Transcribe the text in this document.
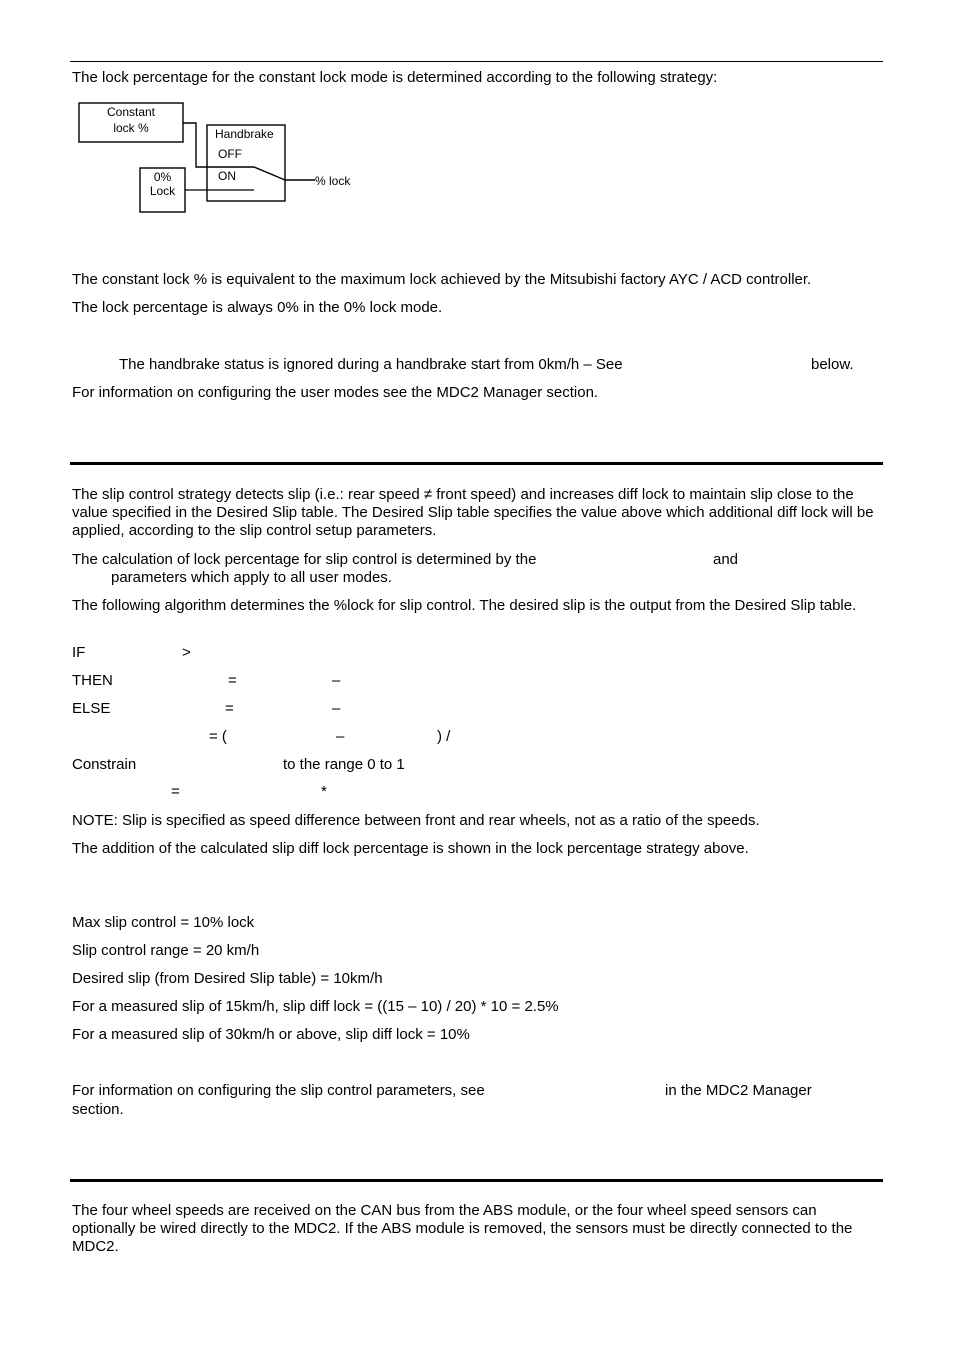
The lock percentage for the constant lock mode is determined according to the following strategy:
Constant
lock %
0%
Lock
Handbrake
OFF
ON	% lock
The constant lock % is equivalent to the maximum lock achieved by the Mitsubishi factory AYC / ACD controller.
The lock percentage is always 0% in the 0% lock mode.
The handbrake status is ignored during a handbrake start from 0km/h – See	below.
For information on configuring the user modes see the MDC2 Manager section.
The slip control strategy detects slip (i.e.: rear speed ≠ front speed) and increases diff lock to maintain slip close to the value specified in the Desired Slip table. The Desired Slip table specifies the value above which additional diff lock will be applied, according to the slip control setup parameters.
The calculation of lock percentage for slip control is determined by the	and
parameters which apply to all user modes.
The following algorithm determines the %lock for slip control. The desired slip is the output from the Desired Slip table.
IF	>
THEN	=	–
ELSE	=	–
= (	–	) /
Constrain	to the range 0 to 1
=	*
NOTE: Slip is specified as speed difference between front and rear wheels, not as a ratio of the speeds.
The addition of the calculated slip diff lock percentage is shown in the lock percentage strategy above.
Max slip control = 10% lock
Slip control range = 20 km/h
Desired slip (from Desired Slip table) = 10km/h
For a measured slip of 15km/h, slip diff lock = ((15 – 10) / 20) * 10 = 2.5%
For a measured slip of 30km/h or above, slip diff lock = 10%
For information on configuring the slip control parameters, see	in the MDC2 Manager
section.
The four wheel speeds are received on the CAN bus from the ABS module, or the four wheel speed sensors can optionally be wired directly to the MDC2. If the ABS module is removed, the sensors must be directly connected to the MDC2.
